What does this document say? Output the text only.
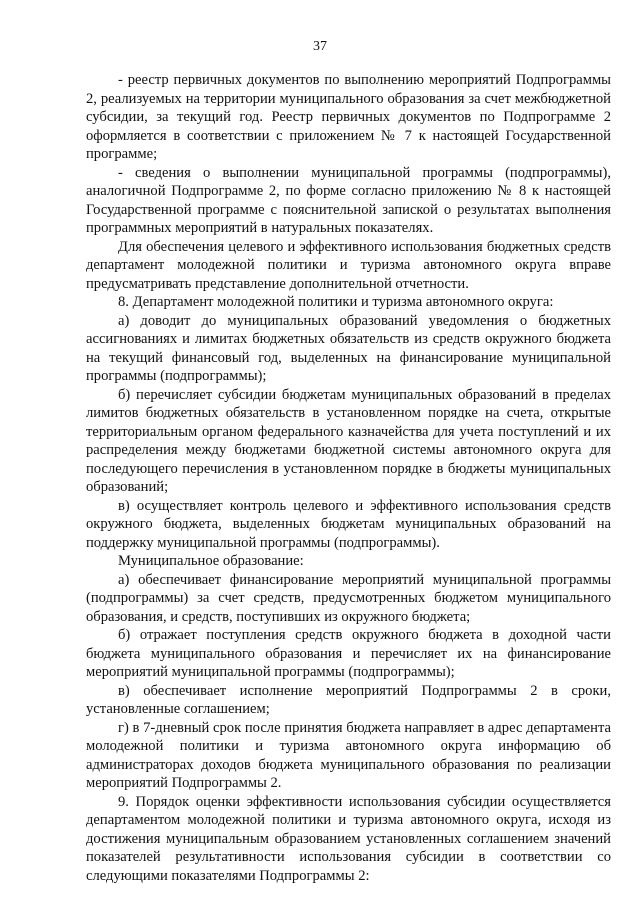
37

- реестр первичных документов по выполнению мероприятий Подпрограммы 2, реализуемых на территории муниципального образования за счет межбюджетной субсидии, за текущий год. Реестр первичных документов по Подпрограмме 2 оформляется в соответствии с приложением № 7 к настоящей Государственной программе;

- сведения о выполнении муниципальной программы (подпрограммы), аналогичной Подпрограмме 2, по форме согласно приложению № 8 к настоящей Государственной программе с пояснительной запиской о результатах выполнения программных мероприятий в натуральных показателях.

Для обеспечения целевого и эффективного использования бюджетных средств департамент молодежной политики и туризма автономного округа вправе предусматривать представление дополнительной отчетности.

8. Департамент молодежной политики и туризма автономного округа:

а) доводит до муниципальных образований уведомления о бюджетных ассигнованиях и лимитах бюджетных обязательств из средств окружного бюджета на текущий финансовый год, выделенных на финансирование муниципальной программы (подпрограммы);

б) перечисляет субсидии бюджетам муниципальных образований в пределах лимитов бюджетных обязательств в установленном порядке на счета, открытые территориальным органом федерального казначейства для учета поступлений и их распределения между бюджетами бюджетной системы автономного округа для последующего перечисления в установленном порядке в бюджеты муниципальных образований;

в) осуществляет контроль целевого и эффективного использования средств окружного бюджета, выделенных бюджетам муниципальных образований на поддержку муниципальной программы (подпрограммы).

Муниципальное образование:

а) обеспечивает финансирование мероприятий муниципальной программы (подпрограммы) за счет средств, предусмотренных бюджетом муниципального образования, и средств, поступивших из окружного бюджета;

б) отражает поступления средств окружного бюджета в доходной части бюджета муниципального образования и перечисляет их на финансирование мероприятий муниципальной программы (подпрограммы);

в) обеспечивает исполнение мероприятий Подпрограммы 2 в сроки, установленные соглашением;

г) в 7-дневный срок после принятия бюджета направляет в адрес департамента молодежной политики и туризма автономного округа информацию об администраторах доходов бюджета муниципального образования по реализации мероприятий Подпрограммы 2.

9. Порядок оценки эффективности использования субсидии осуществляется департаментом молодежной политики и туризма автономного округа, исходя из достижения муниципальным образованием установленных соглашением значений показателей результативности использования субсидии в соответствии со следующими показателями Подпрограммы 2:
